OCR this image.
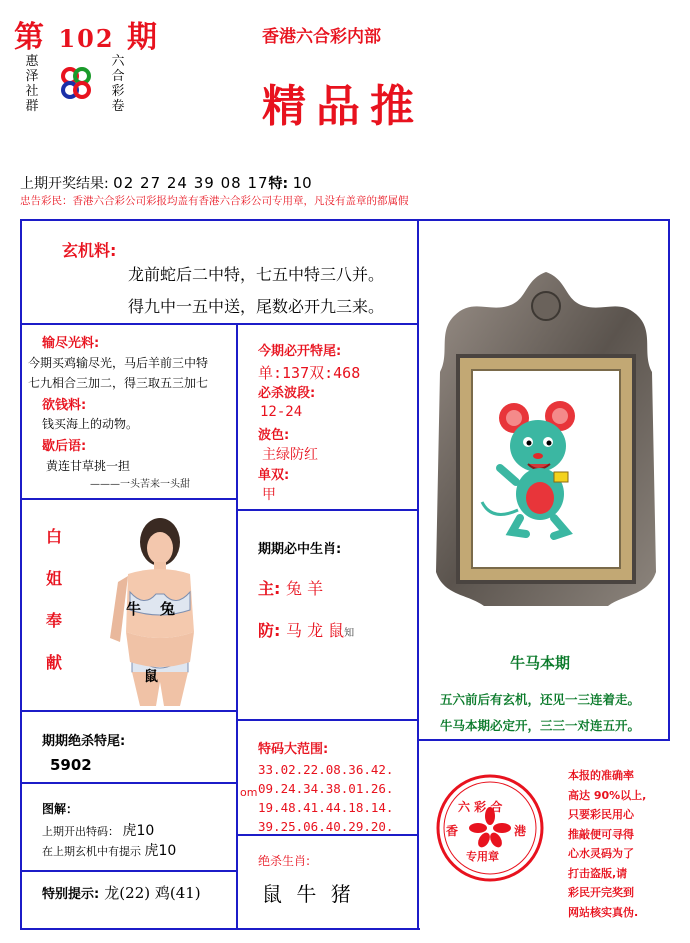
第 102 期
惠
泽
社
群
六
合
彩
卷
香港六合彩内部
精品推
上期开奖结果: 02 27 24 39 08 17特: 10
忠告彩民：香港六合彩公司彩报均盖有香港六合彩公司专用章，凡没有盖章的都属假
玄机料:
龙前蛇后二中特，七五中特三八并。
得九中一五中送，尾数必开九三来。
输尽光料:
今期买鸡输尽光，马后羊前三中特
七九相合三加二，得三取五三加七
欲钱料:
钱买海上的动物。
歇后语:
黄连甘草挑一担
———一头苦来一头甜
今期必开特尾:
单:137双:468
必杀波段:
12-24
波色:
主绿防红
单双:
甲
白
姐
奉
献
牛 兔
鼠
期期必中生肖:
主: 兔 羊
防: 马 龙 鼠知
牛马本期
五六前后有玄机，还见一三连着走。
牛马本期必定开，三三一对连五开。
期期绝杀特尾:
5902
图解：
上期开出特码： 虎10
在上期玄机中有提示 虎10
特别提示: 龙(22) 鸡(41)
特码大范围:
33.02.22.08.36.42.
09.24.34.38.01.26.
19.48.41.44.18.14.
39.25.06.40.29.20.
om
绝杀生肖:
鼠 牛 猪
六 彩 合
香	港
专用章
本报的准确率
高达 90%以上,
只要彩民用心
推敲便可寻得
心水灵码为了
打击盗版,请
彩民开完奖到
网站核实真伪.
